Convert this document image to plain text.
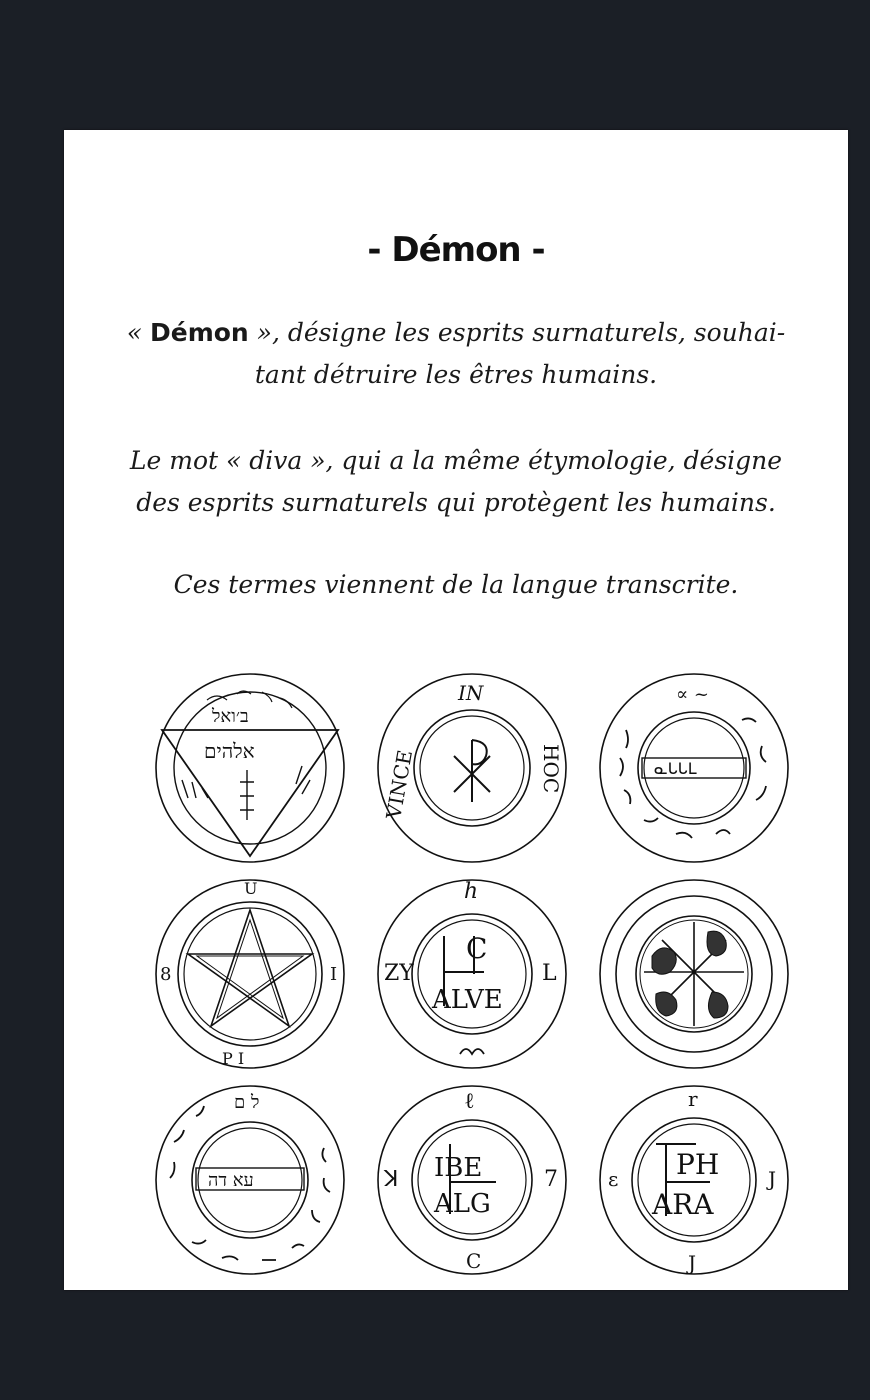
- Démon -
« Démon », désigne les esprits surnaturels, souhai-
tant détruire les êtres humains.
Le mot « diva », qui a la même étymologie, désigne
des esprits surnaturels qui protègent les humains.
Ces termes viennent de la langue transcrite.
ב׳ואל
אלהים
IN
VINCE	HOC	ᓇᒐᒐᒪ
∝ ~
U
8	I
P I
C
ALVE
ℎ
ZY	L
ﬠﬡ ﬢﬣ
ﬥ ﬦ
IBE
ALG
ℓ
ꓘ	7
C
PH
ARA
r
ɛ	J
J
